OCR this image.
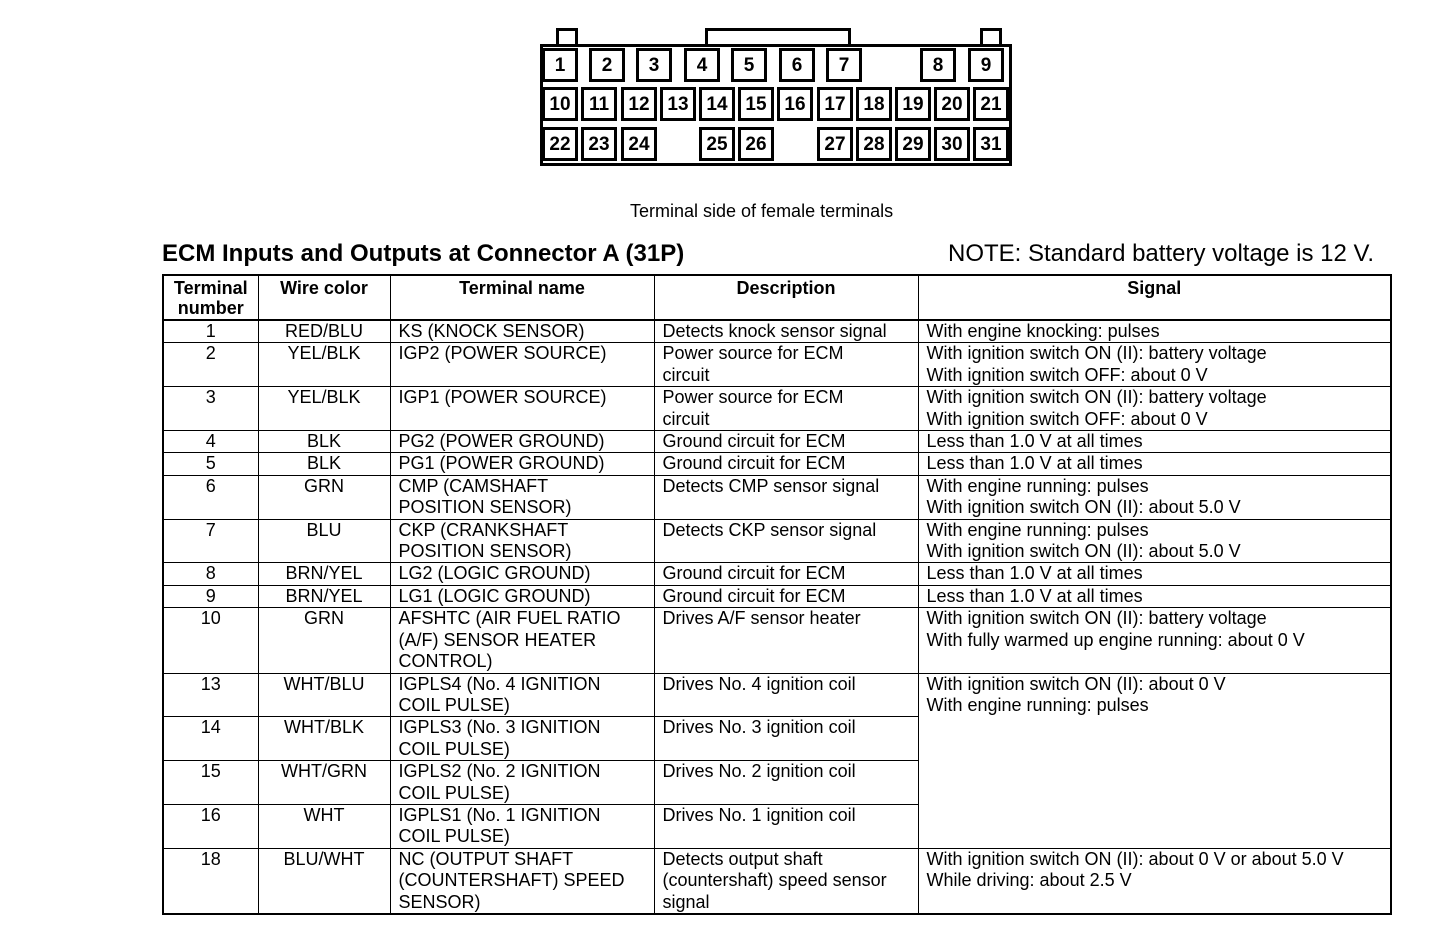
1	2	3	4	5	6	7	8	9
10 11	12 13 14 15 16 17 18 19 20 21
22 23 24	25 26	27 28 29 30 31
Terminal side of female terminals
ECM Inputs and Outputs at Connector A (31P)	NOTE: Standard battery voltage is 12 V.
Terminal
number	Wire color	Terminal name	Description	Signal
1	RED/BLU	KS (KNOCK SENSOR)	Detects knock sensor signal	With engine knocking: pulses

2	YEL/BLK	IGP2 (POWER SOURCE)	Power source for ECM
circuit	With ignition switch ON (II): battery voltage
With ignition switch OFF: about 0 V

3	YEL/BLK	IGP1 (POWER SOURCE)	Power source for ECM
circuit	With ignition switch ON (II): battery voltage
With ignition switch OFF: about 0 V

4	BLK	PG2 (POWER GROUND)	Ground circuit for ECM	Less than 1.0 V at all times

5	BLK	PG1 (POWER GROUND)	Ground circuit for ECM	Less than 1.0 V at all times

6	GRN	CMP (CAMSHAFT
POSITION SENSOR)	Detects CMP sensor signal	With engine running: pulses
With ignition switch ON (II): about 5.0 V

7	BLU	CKP (CRANKSHAFT
POSITION SENSOR)	Detects CKP sensor signal	With engine running: pulses
With ignition switch ON (II): about 5.0 V

8	BRN/YEL	LG2 (LOGIC GROUND)	Ground circuit for ECM	Less than 1.0 V at all times

9	BRN/YEL	LG1 (LOGIC GROUND)	Ground circuit for ECM	Less than 1.0 V at all times

10	GRN	AFSHTC (AIR FUEL RATIO
(A/F) SENSOR HEATER
CONTROL)	Drives A/F sensor heater	With ignition switch ON (II): battery voltage
With fully warmed up engine running: about 0 V

13	WHT/BLU	IGPLS4 (No. 4 IGNITION
COIL PULSE)	Drives No. 4 ignition coil	With ignition switch ON (II): about 0 V
With engine running: pulses

14	WHT/BLK	IGPLS3 (No. 3 IGNITION
COIL PULSE)	Drives No. 3 ignition coil	

15	WHT/GRN	IGPLS2 (No. 2 IGNITION
COIL PULSE)	Drives No. 2 ignition coil	

16	WHT	IGPLS1 (No. 1 IGNITION
COIL PULSE)	Drives No. 1 ignition coil	

18	BLU/WHT	NC (OUTPUT SHAFT
(COUNTERSHAFT) SPEED
SENSOR)	Detects output shaft
(countershaft) speed sensor
signal	With ignition switch ON (II): about 0 V or about 5.0 V
While driving: about 2.5 V
